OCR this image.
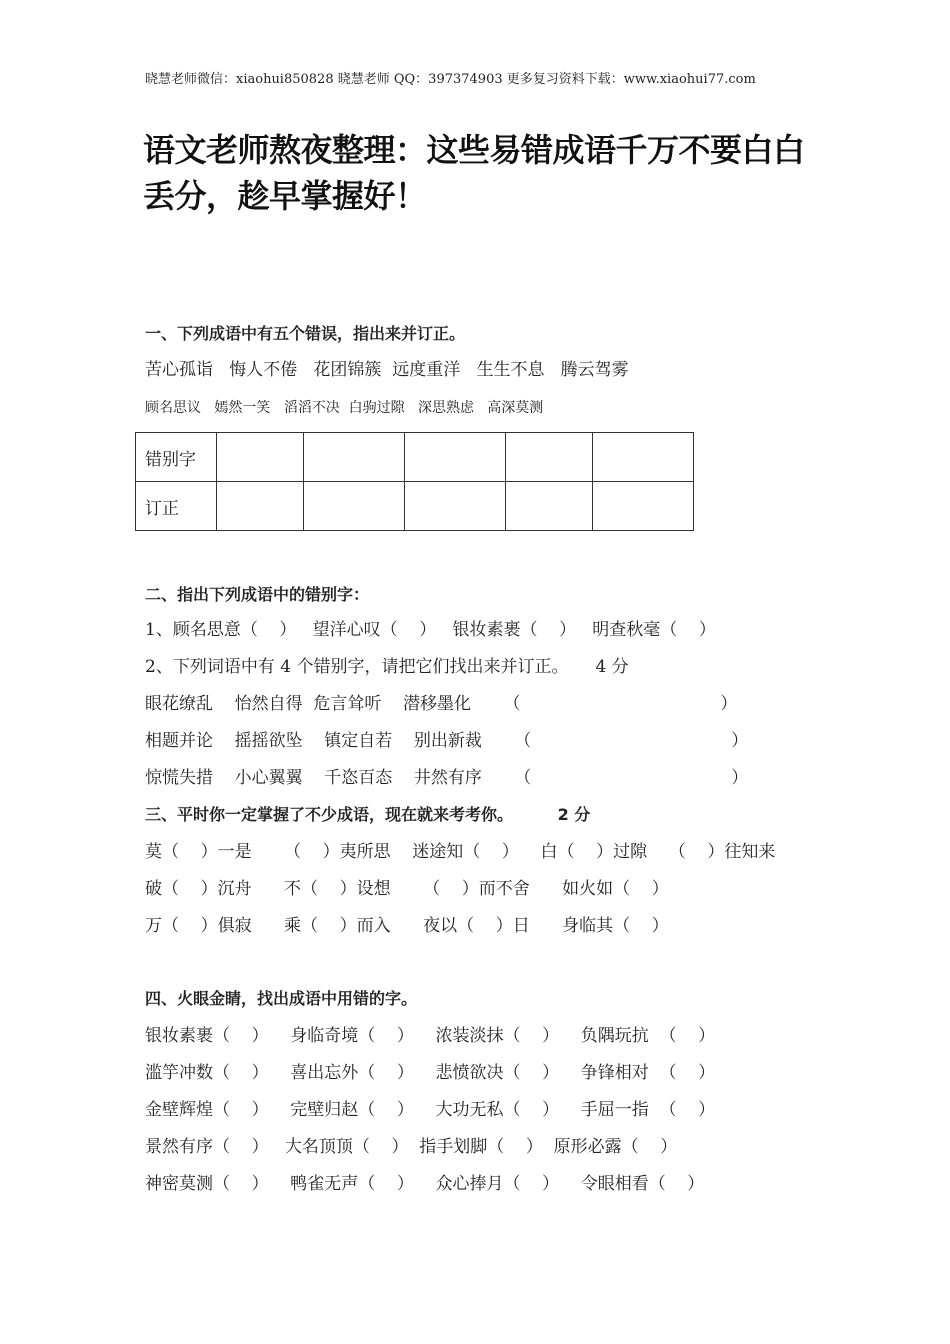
晓慧老师微信：xiaohui850828 晓慧老师 QQ：397374903 更多复习资料下载：www.xiaohui77.com
语文老师熬夜整理：这些易错成语千万不要白白丢分，趁早掌握好！
一、下列成语中有五个错误，指出来并订正。
苦心孤诣   悔人不倦   花团锦簇  远度重洋   生生不息   腾云驾雾
顾名思议   嫣然一笑   滔滔不决  白驹过隙   深思熟虑   高深莫测
错别字					
订正					
二、指出下列成语中的错别字：
1、顾名思意（    ）   望洋心叹（    ）   银妆素裹（    ）   明查秋毫（    ）
2、下列词语中有 4 个错别字，请把它们找出来并订正。     4 分
眼花缭乱    怡然自得  危言耸听    潜移墨化      （                                     ）
相题并论    摇摇欲坠    镇定自若    别出新裁      （                                     ）
惊慌失措    小心翼翼    千恣百态    井然有序      （                                     ）
三、平时你一定掌握了不少成语，现在就来考考你。        2 分
莫（    ）一是      （    ）夷所思    迷途知（    ）    白（    ）过隙    （    ）往知来
破（    ）沉舟      不（    ）设想      （    ）而不舍      如火如（    ）
万（    ）俱寂      乘（    ）而入      夜以（    ）日      身临其（    ）
四、火眼金睛，找出成语中用错的字。
银妆素裹（    ）    身临奇境（    ）    浓装淡抹（    ）    负隅玩抗  （    ）
滥竽冲数（    ）    喜出忘外（    ）    悲愤欲决（    ）    争锋相对  （    ）
金壁辉煌（    ）    完壁归赵（    ）    大功无私（    ）    手屈一指  （    ）
景然有序（    ）   大名顶顶（    ）  指手划脚（    ）  原形必露（    ）
神密莫测（    ）    鸭雀无声（    ）    众心捧月（    ）    令眼相看（    ）
